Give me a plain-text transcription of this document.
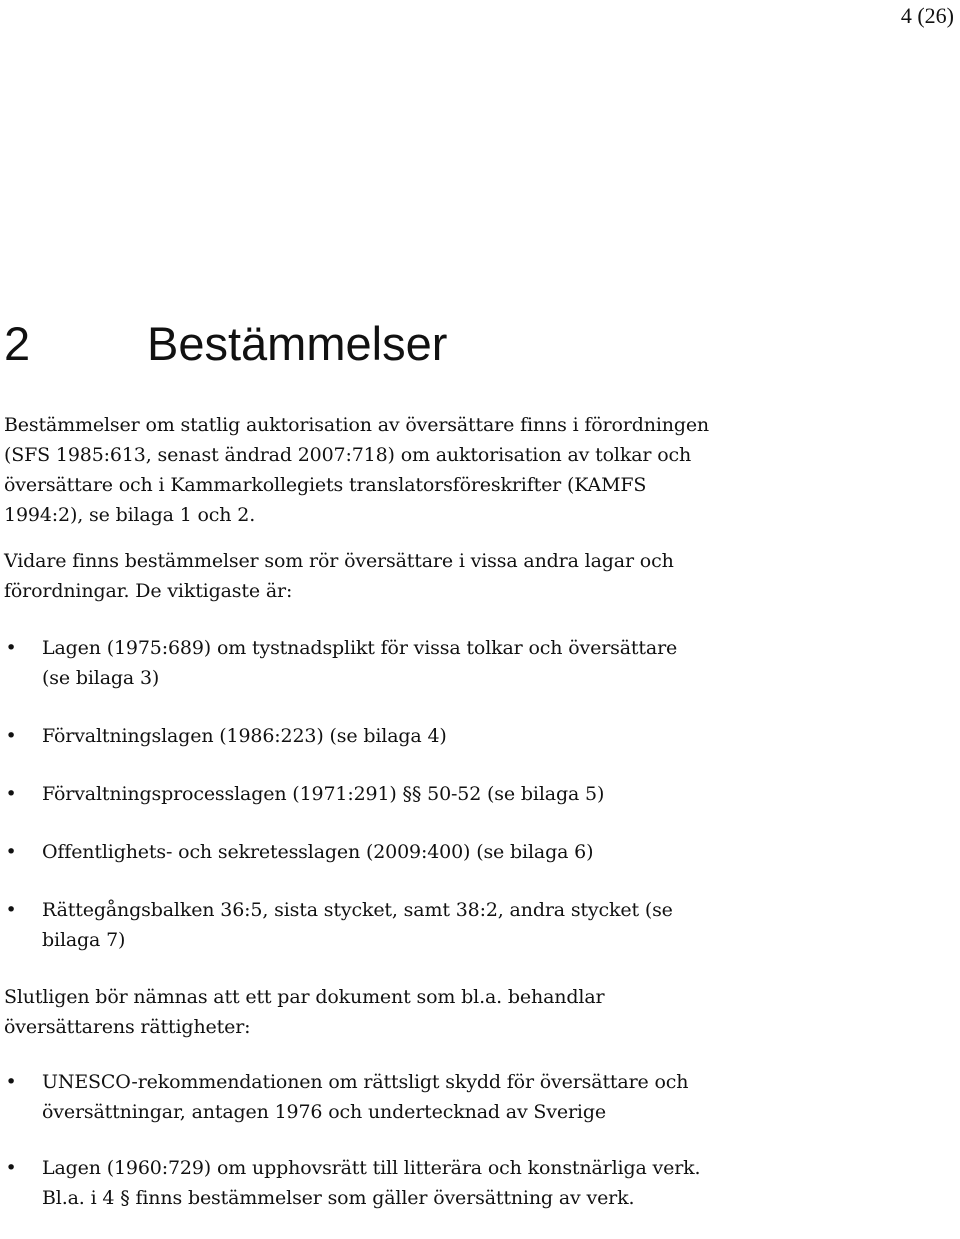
4 (26)
2 Bestämmelser

Bestämmelser om statlig auktorisation av översättare finns i förordningen
(SFS 1985:613, senast ändrad 2007:718) om auktorisation av tolkar och
översättare och i Kammarkollegiets translatorsföreskrifter (KAMFS
1994:2), se bilaga 1 och 2.

Vidare finns bestämmelser som rör översättare i vissa andra lagar och
förordningar. De viktigaste är:

• Lagen (1975:689) om tystnadsplikt för vissa tolkar och översättare
(se bilaga 3)
• Förvaltningslagen (1986:223) (se bilaga 4)
• Förvaltningsprocesslagen (1971:291) §§ 50-52 (se bilaga 5)
• Offentlighets- och sekretesslagen (2009:400) (se bilaga 6)
• Rättegångsbalken 36:5, sista stycket, samt 38:2, andra stycket (se
bilaga 7)

Slutligen bör nämnas att ett par dokument som bl.a. behandlar
översättarens rättigheter:

• UNESCO-rekommendationen om rättsligt skydd för översättare och
översättningar, antagen 1976 och undertecknad av Sverige
• Lagen (1960:729) om upphovsrätt till litterära och konstnärliga verk.
Bl.a. i 4 § finns bestämmelser som gäller översättning av verk.
